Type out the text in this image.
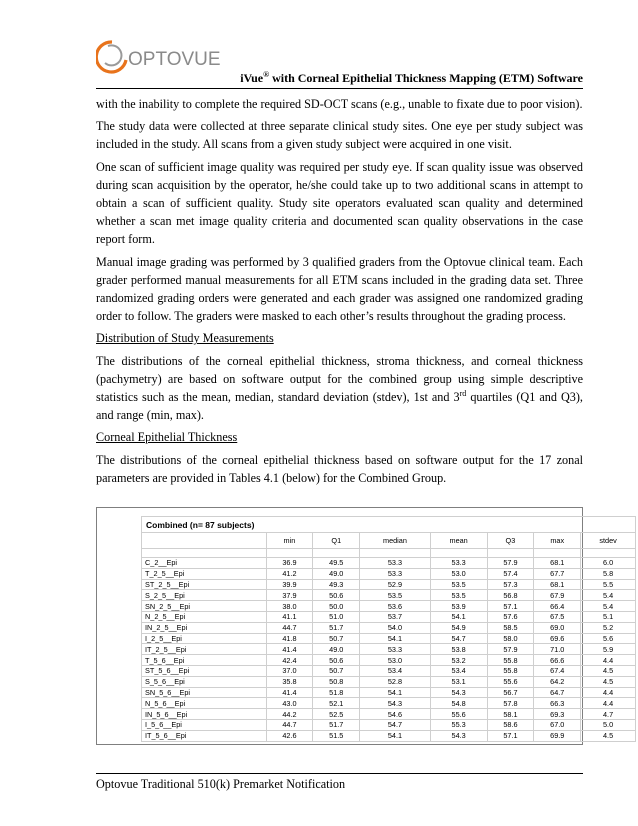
OPTOVUE
iVue® with Corneal Epithelial Thickness Mapping (ETM) Software

with the inability to complete the required SD-OCT scans (e.g., unable to fixate due to poor vision).

The study data were collected at three separate clinical study sites. One eye per study subject was included in the study. All scans from a given study subject were acquired in one visit.

One scan of sufficient image quality was required per study eye. If scan quality issue was observed during scan acquisition by the operator, he/she could take up to two additional scans in attempt to obtain a scan of sufficient quality. Study site operators evaluated scan quality and determined whether a scan met image quality criteria and documented scan quality observations in the case report form.

Manual image grading was performed by 3 qualified graders from the Optovue clinical team. Each grader performed manual measurements for all ETM scans included in the grading data set. Three randomized grading orders were generated and each grader was assigned one randomized grading order to follow. The graders were masked to each other’s results throughout the grading process.

Distribution of Study Measurements

The distributions of the corneal epithelial thickness, stroma thickness, and corneal thickness (pachymetry) are based on software output for the combined group using simple descriptive statistics such as the mean, median, standard deviation (stdev), 1st and 3rd quartiles (Q1 and Q3), and range (min, max).

Corneal Epithelial Thickness

The distributions of the corneal epithelial thickness based on software output for the 17 zonal parameters are provided in Tables 4.1 (below) for the Combined Group.

Combined (n= 87 subjects)							
	min	Q1	median	mean	Q3	max	stdev

C_2__Epi	36.9	49.5	53.3	53.3	57.9	68.1	6.0
T_2_5__Epi	41.2	49.0	53.3	53.0	57.4	67.7	5.8
ST_2_5__Epi	39.9	49.3	52.9	53.5	57.3	68.1	5.5
S_2_5__Epi	37.9	50.6	53.5	53.5	56.8	67.9	5.4
SN_2_5__Epi	38.0	50.0	53.6	53.9	57.1	66.4	5.4
N_2_5__Epi	41.1	51.0	53.7	54.1	57.6	67.5	5.1
IN_2_5__Epi	44.7	51.7	54.0	54.9	58.5	69.0	5.2
I_2_5__Epi	41.8	50.7	54.1	54.7	58.0	69.6	5.6
IT_2_5__Epi	41.4	49.0	53.3	53.8	57.9	71.0	5.9
T_5_6__Epi	42.4	50.6	53.0	53.2	55.8	66.6	4.4
ST_5_6__Epi	37.0	50.7	53.4	53.4	55.8	67.4	4.5
S_5_6__Epi	35.8	50.8	52.8	53.1	55.6	64.2	4.5
SN_5_6__Epi	41.4	51.8	54.1	54.3	56.7	64.7	4.4
N_5_6__Epi	43.0	52.1	54.3	54.8	57.8	66.3	4.4
IN_5_6__Epi	44.2	52.5	54.6	55.6	58.1	69.3	4.7
I_5_6__Epi	44.7	51.7	54.7	55.3	58.6	67.0	5.0
IT_5_6__Epi	42.6	51.5	54.1	54.3	57.1	69.9	4.5
Optovue Traditional 510(k) Premarket Notification
